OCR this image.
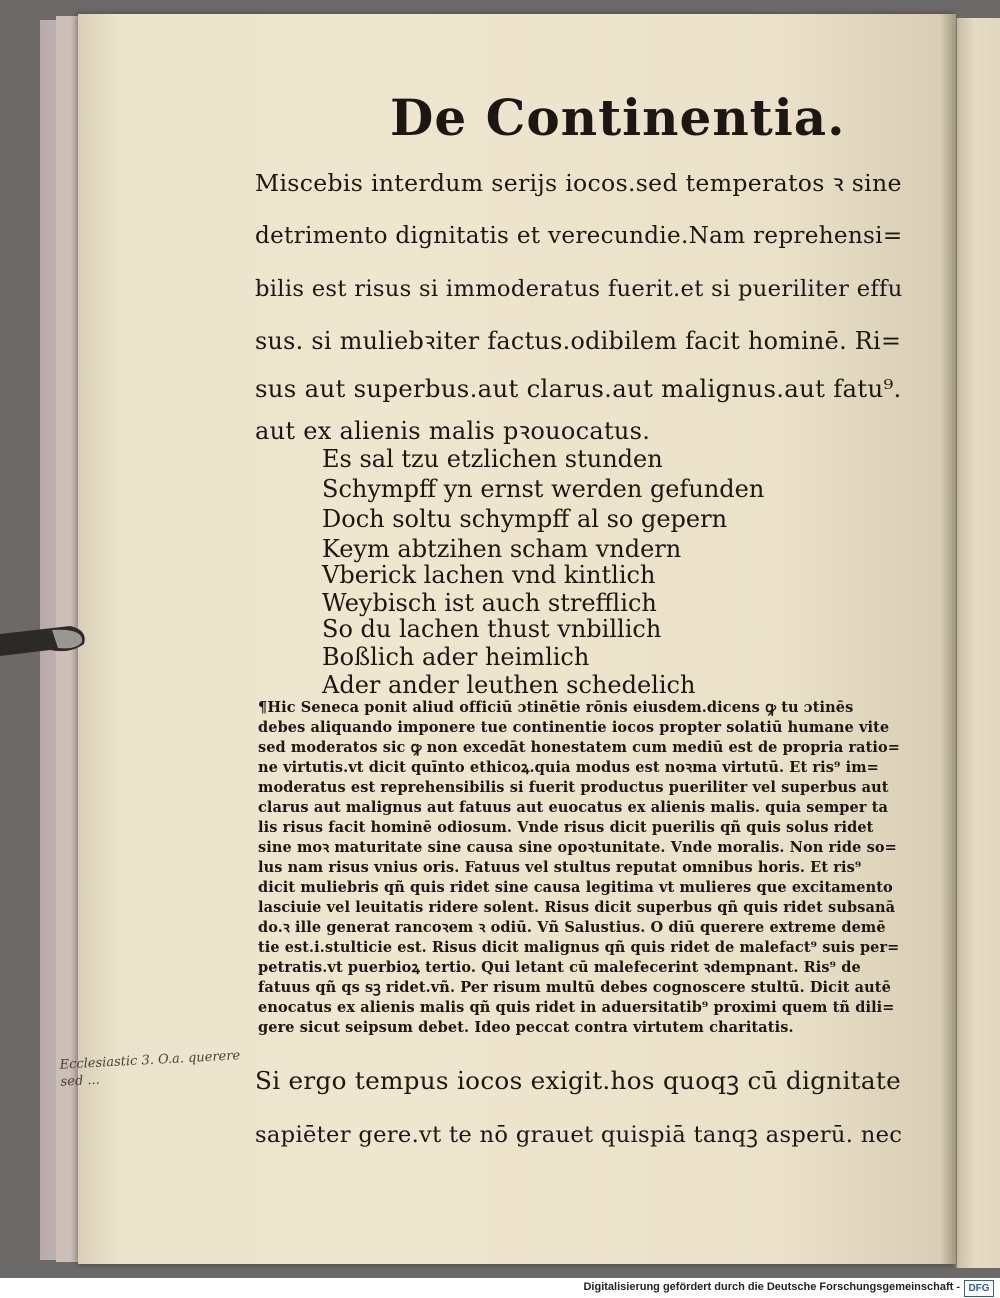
De Continentia.
Miscebis interdum serijs iocos.sed temperatos ꝛ sine
detrimento dignitatis et verecundie.Nam reprehensi=
bilis est risus si immoderatus fuerit.et si pueriliter effu
sus. si muliebꝛiter factus.odibilem facit hominē. Ri=
sus aut superbus.aut clarus.aut malignus.aut fatu⁹.
aut ex alienis malis pꝛouocatus.
Es sal tzu etzlichen stunden
Schympff yn ernst werden gefunden
Doch soltu schympff al so gepern
Keym abtzihen scham vndern
Vberick lachen vnd kintlich
Weybisch ist auch strefflich
So du lachen thust vnbillich
Boßlich ader heimlich
Ader ander leuthen schedelich
¶Hic Seneca ponit aliud officiū ɔtinētie rōnis eiusdem.dicens ꝙ tu ɔtinēs
debes aliquando imponere tue continentie iocos propter solatiū humane vite
sed moderatos sic ꝙ non excedāt honestatem cum mediū est de propria ratio=
ne virtutis.vt dicit quīnto ethicoꝝ.quia modus est noꝛma virtutū. Et ris⁹ im=
moderatus est reprehensibilis si fuerit productus pueriliter vel superbus aut
clarus aut malignus aut fatuus aut euocatus ex alienis malis. quia semper ta
lis risus facit hominē odiosum. Vnde risus dicit puerilis qñ quis solus ridet
sine moꝛ maturitate sine causa sine opoꝛtunitate. Vnde moralis. Non ride so=
lus nam risus vnius oris. Fatuus vel stultus reputat omnibus horis. Et ris⁹
dicit muliebris qñ quis ridet sine causa legitima vt mulieres que excitamento
lasciuie vel leuitatis ridere solent. Risus dicit superbus qñ quis ridet subsanā
do.ꝛ ille generat rancoꝛem ꝛ odiū. Vñ Salustius. O diū querere extreme demē
tie est.i.stulticie est. Risus dicit malignus qñ quis ridet de malefact⁹ suis per=
petratis.vt puerbioꝝ tertio. Qui letant cū malefecerint ꝛdempnant. Ris⁹ de
fatuus qñ qs sꝫ ridet.vñ. Per risum multū debes cognoscere stultū. Dicit autē
enocatus ex alienis malis qñ quis ridet in aduersitatib⁹ proximi quem tñ dili=
gere sicut seipsum debet. Ideo peccat contra virtutem charitatis.
Ecclesiastic 3. O.a. querere
sed ...	Si ergo tempus iocos exigit.hos quoqꝫ cū dignitate
sapiēter gere.vt te nō grauet quispiā tanqꝫ asperū. nec
Digitalisierung gefördert durch die Deutsche Forschungsgemeinschaft - DFG
